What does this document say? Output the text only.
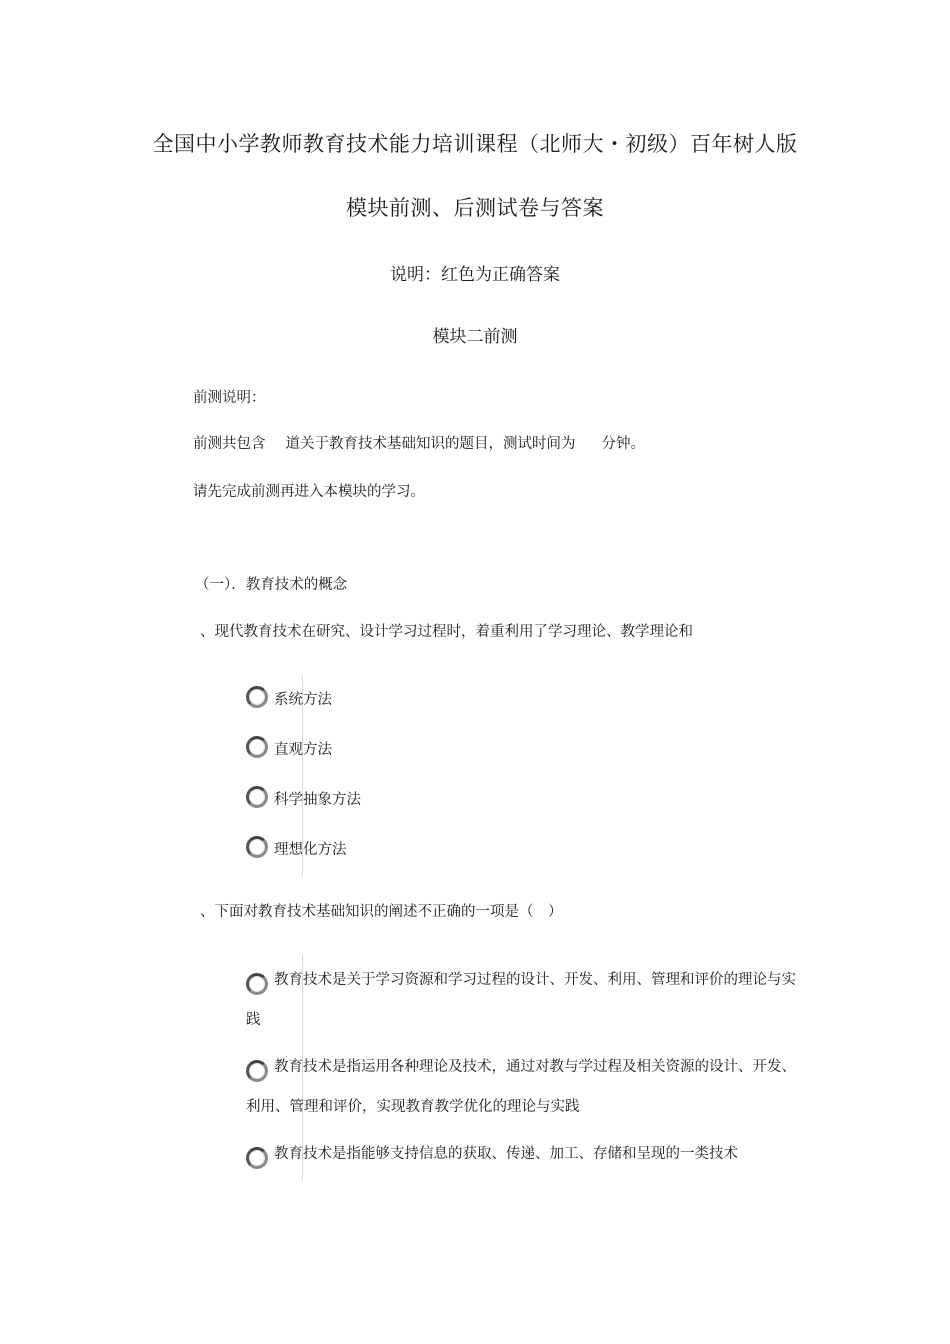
全国中小学教师教育技术能力培训课程（北师大・初级）百年树人版
模块前测、后测试卷与答案
说明：红色为正确答案
模块二前测
前测说明：
前测共包含 道关于教育技术基础知识的题目，测试时间为 分钟。
请先完成前测再进入本模块的学习。
（一）．教育技术的概念
、现代教育技术在研究、设计学习过程时，着重利用了学习理论、教学理论和
系统方法
直观方法
科学抽象方法
理想化方法
、下面对教育技术基础知识的阐述不正确的一项是（　）
教育技术是关于学习资源和学习过程的设计、开发、利用、管理和评价的理论与实践
教育技术是指运用各种理论及技术，通过对教与学过程及相关资源的设计、开发、利用、管理和评价，实现教育教学优化的理论与实践
教育技术是指能够支持信息的获取、传递、加工、存储和呈现的一类技术
